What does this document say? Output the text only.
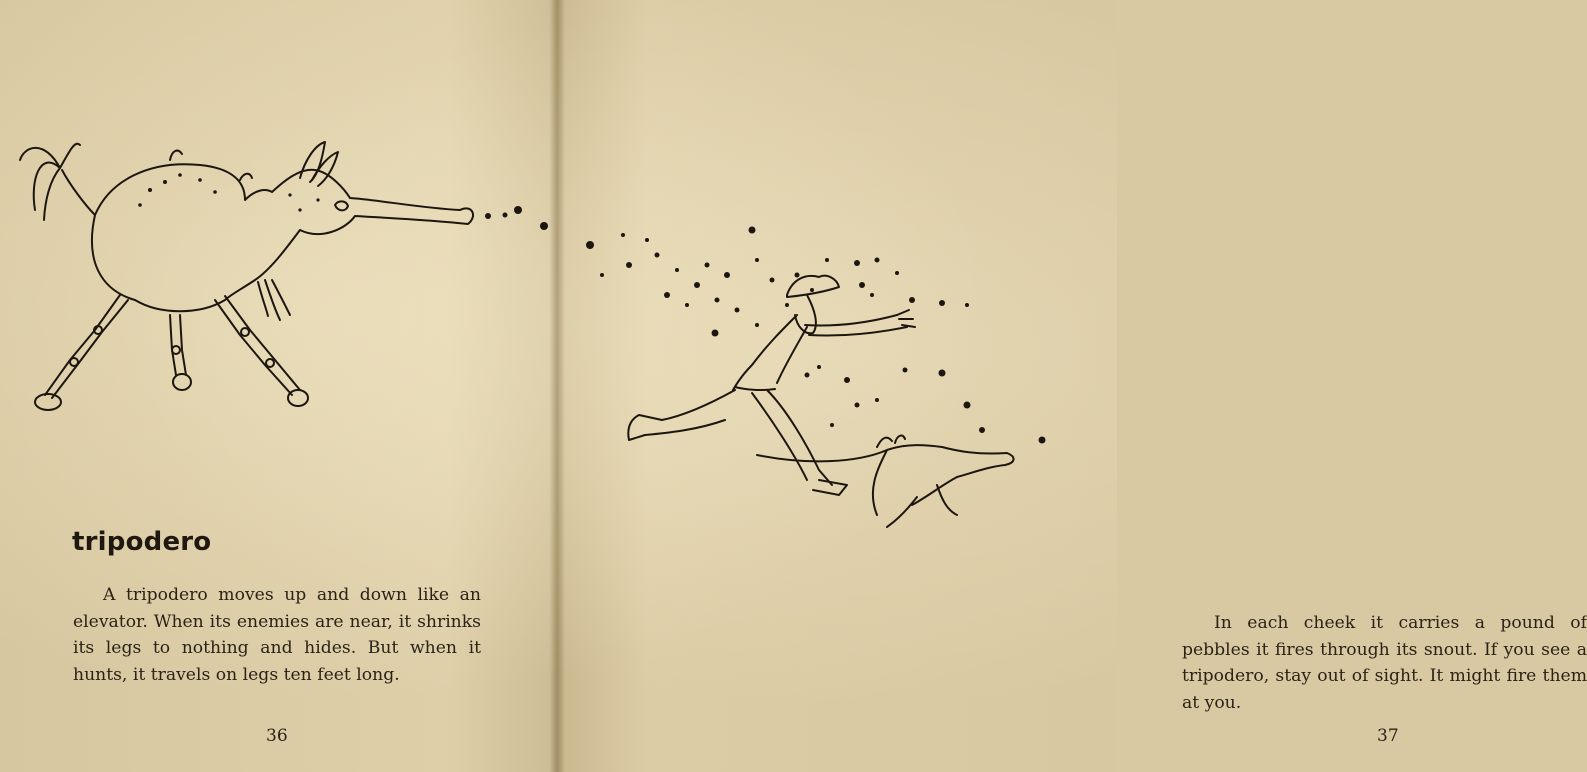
tripodero

A tripodero moves up and down like an elevator. When its enemies are near, it shrinks its legs to nothing and hides. But when it hunts, it travels on legs ten feet long.

36

In each cheek it carries a pound of pebbles it fires through its snout. If you see a tripodero, stay out of sight. It might fire them at you.

37
